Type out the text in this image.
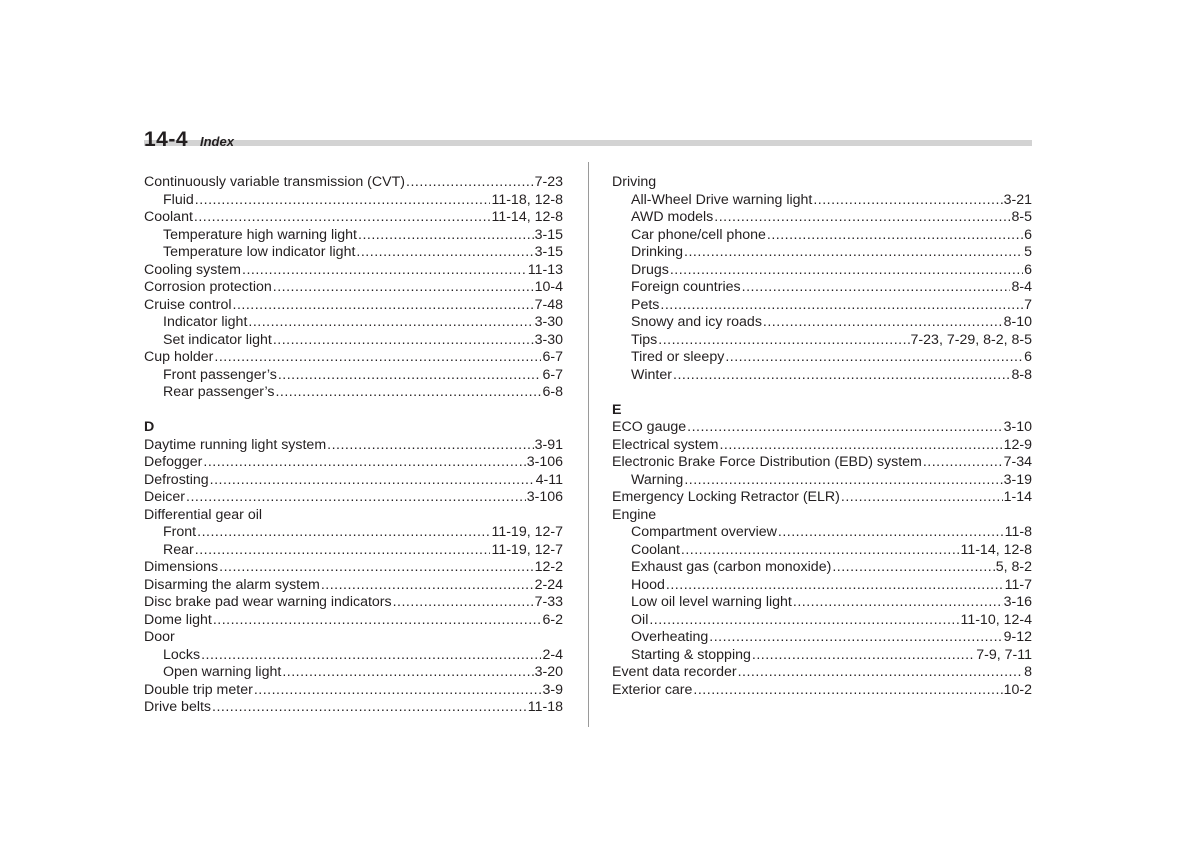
14-4 Index
Continuously variable transmission (CVT) .....	7-23
Fluid .....	11-18, 12-8
Coolant .....	11-14, 12-8
Temperature high warning light .....	3-15
Temperature low indicator light .....	3-15
Cooling system .....	11-13
Corrosion protection .....	10-4
Cruise control .....	7-48
Indicator light .....	3-30
Set indicator light .....	3-30
Cup holder .....	6-7
Front passenger’s .....	6-7
Rear passenger’s .....	6-8
D
Daytime running light system .....	3-91
Defogger .....	3-106
Defrosting .....	4-11
Deicer .....	3-106
Differential gear oil
Front .....	11-19, 12-7
Rear .....	11-19, 12-7
Dimensions .....	12-2
Disarming the alarm system .....	2-24
Disc brake pad wear warning indicators .....	7-33
Dome light .....	6-2
Door
Locks .....	2-4
Open warning light .....	3-20
Double trip meter .....	3-9
Drive belts .....	11-18
Driving
All-Wheel Drive warning light .....	3-21
AWD models .....	8-5
Car phone/cell phone .....	6
Drinking .....	5
Drugs .....	6
Foreign countries .....	8-4
Pets .....	7
Snowy and icy roads .....	8-10
Tips .....	7-23, 7-29, 8-2, 8-5
Tired or sleepy .....	6
Winter .....	8-8
E
ECO gauge .....	3-10
Electrical system .....	12-9
Electronic Brake Force Distribution (EBD) system .....	7-34
Warning .....	3-19
Emergency Locking Retractor (ELR) .....	1-14
Engine
Compartment overview .....	11-8
Coolant .....	11-14, 12-8
Exhaust gas (carbon monoxide) .....	5, 8-2
Hood .....	11-7
Low oil level warning light .....	3-16
Oil .....	11-10, 12-4
Overheating .....	9-12
Starting & stopping .....	7-9, 7-11
Event data recorder .....	8
Exterior care .....	10-2
